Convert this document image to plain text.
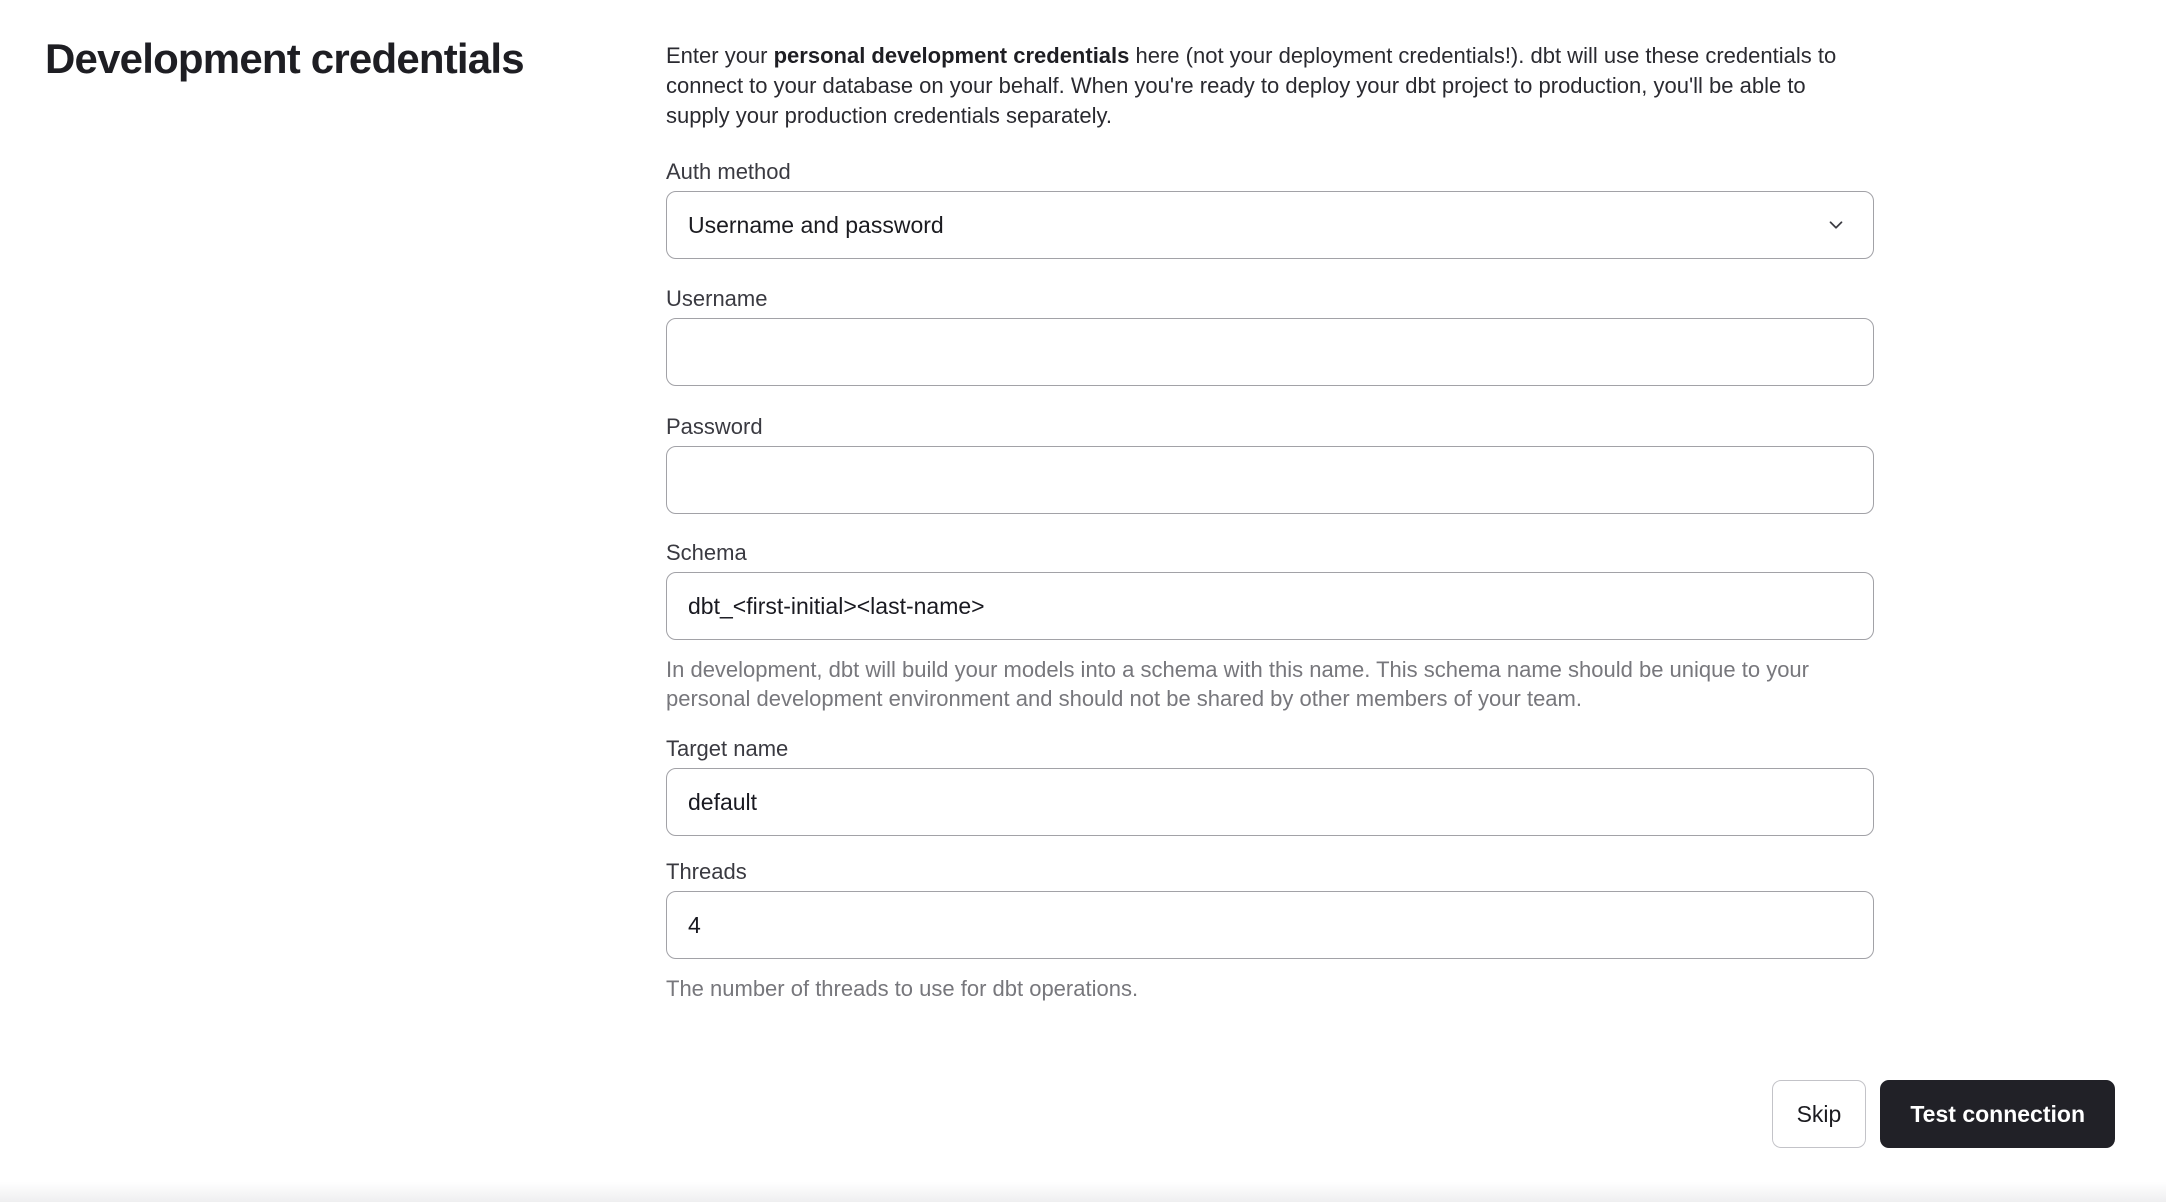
Development credentials	Enter your personal development credentials here (not your deployment credentials!). dbt will use these credentials to connect to your database on your behalf. When you're ready to deploy your dbt project to production, you'll be able to supply your production credentials separately.

Auth method
Username and password
Username
Password
Schema
dbt_<first-initial><last-name>

In development, dbt will build your models into a schema with this name. This schema name should be unique to your personal development environment and should not be shared by other members of your team.

Target name
default
Threads
4

The number of threads to use for dbt operations.

Skip	Test connection
